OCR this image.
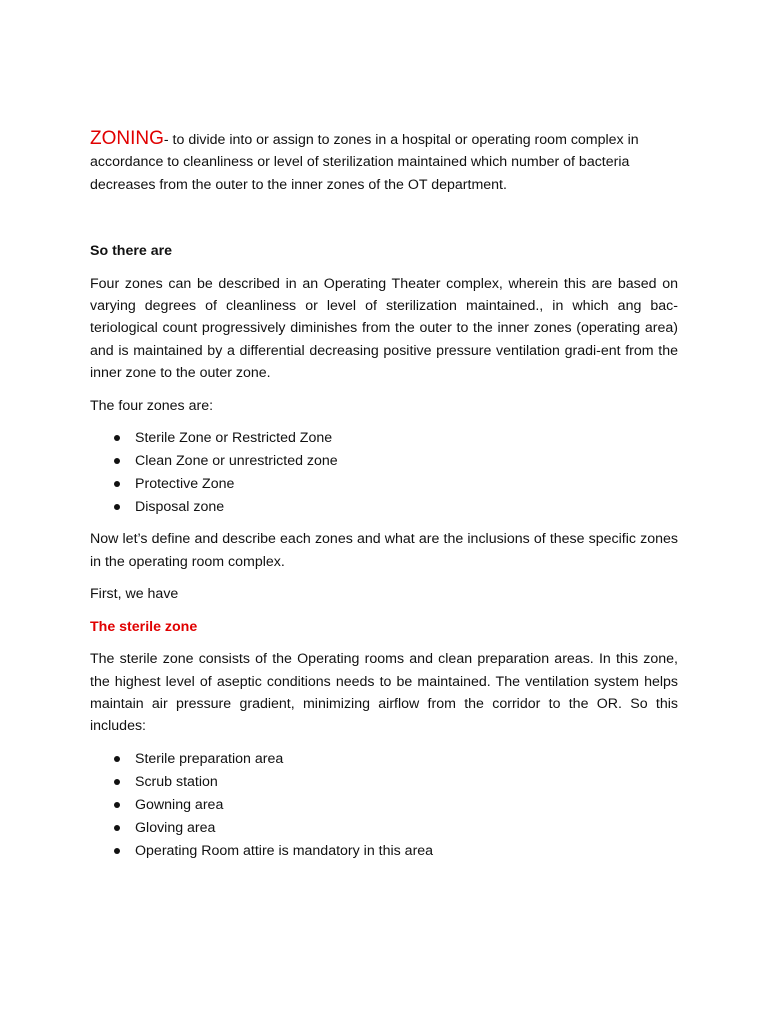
ZONING- to divide into or assign to zones in a hospital or operating room complex in accordance to cleanliness or level of sterilization maintained which number of bacteria decreases from the outer to the inner zones of the OT department.

So there are

Four zones can be described in an Operating Theater complex, wherein this are based on varying degrees of cleanliness or level of sterilization maintained., in which ang bac-teriological count progressively diminishes from the outer to the inner zones (operating area) and is maintained by a differential decreasing positive pressure ventilation gradi-ent from the inner zone to the outer zone.

The four zones are:

Sterile Zone or Restricted Zone
Clean Zone or unrestricted zone
Protective Zone
Disposal zone

Now let’s define and describe each zones and what are the inclusions of these specific zones in the operating room complex.

First, we have

The sterile zone

The sterile zone consists of the Operating rooms and clean preparation areas. In this zone, the highest level of aseptic conditions needs to be maintained. The ventilation system helps maintain air pressure gradient, minimizing airflow from the corridor to the OR. So this includes:

Sterile preparation area
Scrub station
Gowning area
Gloving area
Operating Room attire is mandatory in this area
